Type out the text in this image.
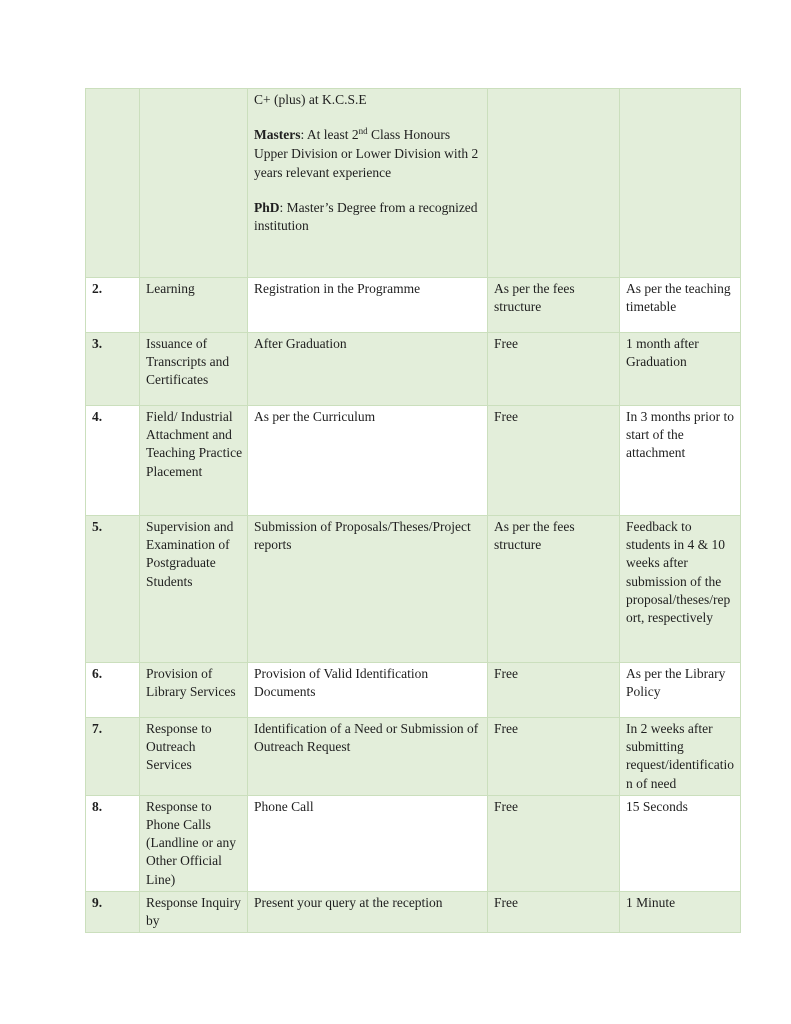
		C+ (plus) at K.C.S.E

Masters: At least 2nd Class Honours Upper Division or Lower Division with 2 years relevant experience

PhD: Master’s Degree from a recognized institution		

2.	Learning	Registration in the Programme	As per the fees structure	As per the teaching timetable
3.	Issuance of Transcripts and Certificates	After Graduation	Free	1 month after Graduation
4.	Field/ Industrial Attachment and Teaching Practice Placement	As per the Curriculum	Free	In 3 months prior to start of the attachment
5.	Supervision and Examination of Postgraduate Students	Submission of Proposals/Theses/Project reports	As per the fees structure	Feedback to students in 4 & 10 weeks after submission of the proposal/theses/report, respectively
6.	Provision of Library Services	Provision of Valid Identification Documents	Free	As per the Library Policy
7.	Response to Outreach Services	Identification of a Need or Submission of Outreach Request	Free	In 2 weeks after submitting request/identification of need
8.	Response to Phone Calls (Landline or any Other Official Line)	Phone Call	Free	15 Seconds
9.	Response Inquiry by	Present your query at the reception	Free	1 Minute
